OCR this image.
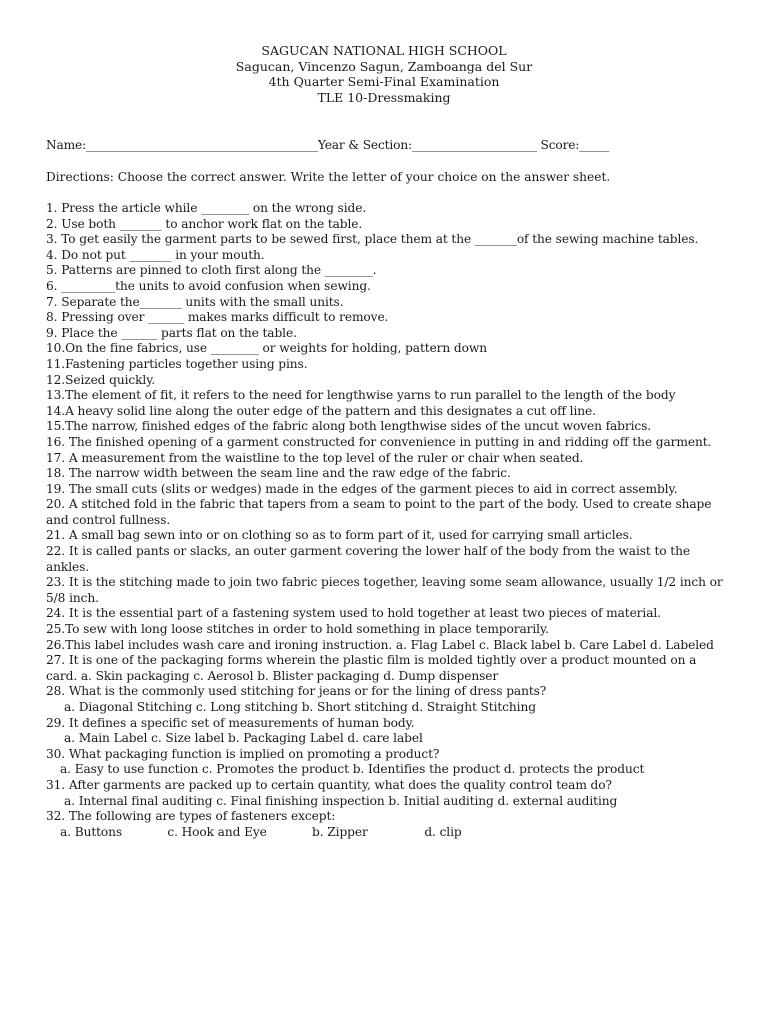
SAGUCAN NATIONAL HIGH SCHOOL
Sagucan, Vincenzo Sagun, Zamboanga del Sur
4th Quarter Semi-Final Examination
TLE 10-Dressmaking
Name:_______________________________________Year & Section:_____________________ Score:_____
Directions: Choose the correct answer. Write the letter of your choice on the answer sheet.
1. Press the article while ________ on the wrong side.
2. Use both _______ to anchor work flat on the table.
3. To get easily the garment parts to be sewed first, place them at the _______of the sewing machine tables.
4. Do not put _______ in your mouth.
5. Patterns are pinned to cloth first along the ________.
6. _________the units to avoid confusion when sewing.
7. Separate the_______ units with the small units.
8. Pressing over ______ makes marks difficult to remove.
9. Place the ______ parts flat on the table.
10.On the fine fabrics, use ________ or weights for holding, pattern down
11.Fastening particles together using pins.
12.Seized quickly.
13.The element of fit, it refers to the need for lengthwise yarns to run parallel to the length of the body
14.A heavy solid line along the outer edge of the pattern and this designates a cut off line.
15.The narrow, finished edges of the fabric along both lengthwise sides of the uncut woven fabrics.
16. The finished opening of a garment constructed for convenience in putting in and ridding off the garment.
17. A measurement from the waistline to the top level of the ruler or chair when seated.
18. The narrow width between the seam line and the raw edge of the fabric.
19. The small cuts (slits or wedges) made in the edges of the garment pieces to aid in correct assembly.
20. A stitched fold in the fabric that tapers from a seam to point to the part of the body. Used to create shape and control fullness.
21. A small bag sewn into or on clothing so as to form part of it, used for carrying small articles.
22. It is called pants or slacks, an outer garment covering the lower half of the body from the waist to the ankles.
23. It is the stitching made to join two fabric pieces together, leaving some seam allowance, usually 1/2 inch or 5/8 inch.
24. It is the essential part of a fastening system used to hold together at least two pieces of material.
25.To sew with long loose stitches in order to hold something in place temporarily.
26.This label includes wash care and ironing instruction. a. Flag Label c. Black label b. Care Label d. Labeled
27. It is one of the packaging forms wherein the plastic film is molded tightly over a product mounted on a card. a. Skin packaging c. Aerosol b. Blister packaging d. Dump dispenser
28. What is the commonly used stitching for jeans or for the lining of dress pants?
a. Diagonal Stitching c. Long stitching b. Short stitching d. Straight Stitching
29. It defines a specific set of measurements of human body.
a. Main Label c. Size label b. Packaging Label d. care label
30. What packaging function is implied on promoting a product?
a. Easy to use function c. Promotes the product b. Identifies the product d. protects the product
31. After garments are packed up to certain quantity, what does the quality control team do?
a. Internal final auditing c. Final finishing inspection b. Initial auditing d. external auditing
32. The following are types of fasteners except:
a. Buttons            c. Hook and Eye            b. Zipper               d. clip
